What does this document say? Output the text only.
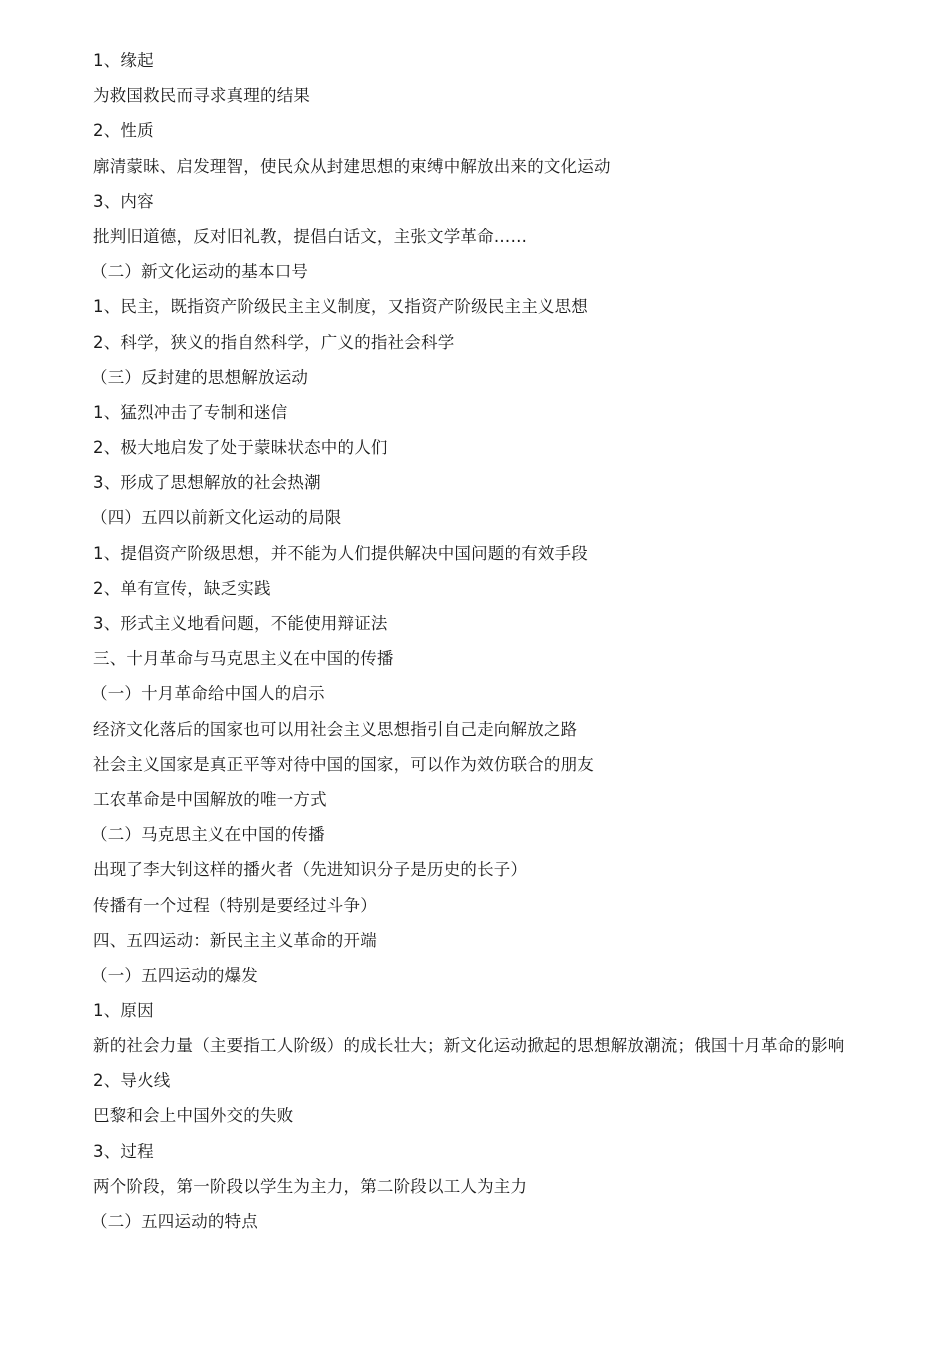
1、缘起
为救国救民而寻求真理的结果
2、性质
廓清蒙昧、启发理智，使民众从封建思想的束缚中解放出来的文化运动
3、内容
批判旧道德，反对旧礼教，提倡白话文，主张文学革命……
（二）新文化运动的基本口号
1、民主，既指资产阶级民主主义制度，又指资产阶级民主主义思想
2、科学，狭义的指自然科学，广义的指社会科学
（三）反封建的思想解放运动
1、猛烈冲击了专制和迷信
2、极大地启发了处于蒙昧状态中的人们
3、形成了思想解放的社会热潮
（四）五四以前新文化运动的局限
1、提倡资产阶级思想，并不能为人们提供解决中国问题的有效手段
2、单有宣传，缺乏实践
3、形式主义地看问题，不能使用辩证法
三、十月革命与马克思主义在中国的传播
（一）十月革命给中国人的启示
经济文化落后的国家也可以用社会主义思想指引自己走向解放之路
社会主义国家是真正平等对待中国的国家，可以作为效仿联合的朋友
工农革命是中国解放的唯一方式
（二）马克思主义在中国的传播
出现了李大钊这样的播火者（先进知识分子是历史的长子）
传播有一个过程（特别是要经过斗争）
四、五四运动：新民主主义革命的开端
（一）五四运动的爆发
1、原因
新的社会力量（主要指工人阶级）的成长壮大；新文化运动掀起的思想解放潮流；俄国十月革命的影响
2、导火线
巴黎和会上中国外交的失败
3、过程
两个阶段，第一阶段以学生为主力，第二阶段以工人为主力
（二）五四运动的特点
